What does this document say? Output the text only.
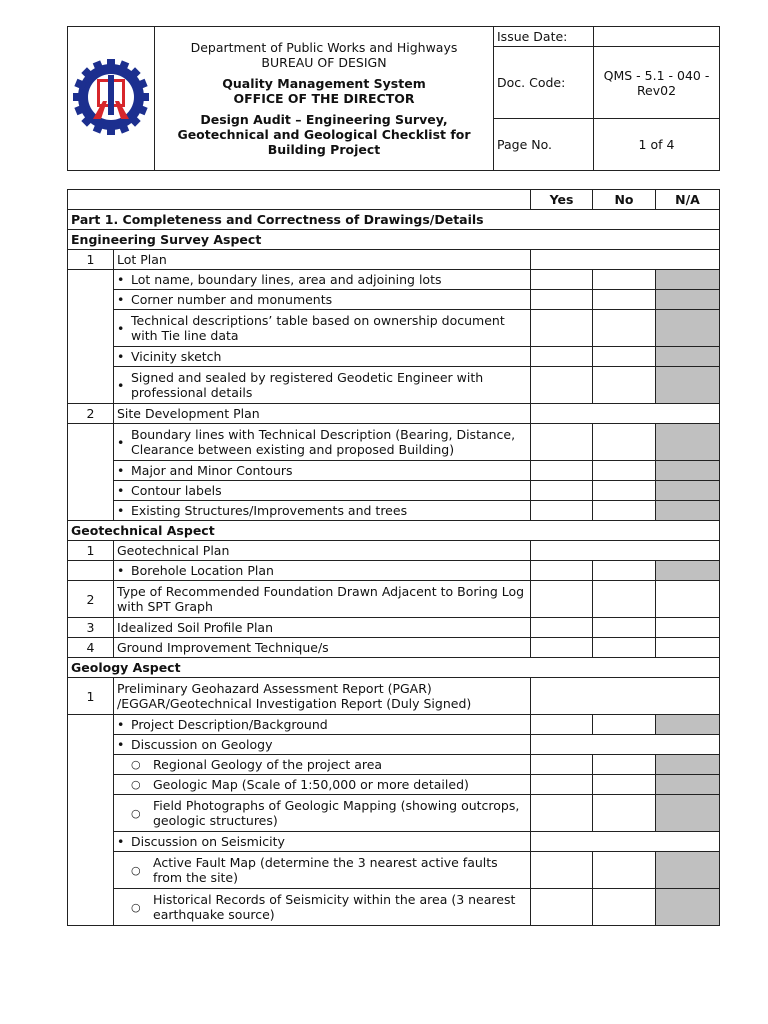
Department of Public Works and Highways
BUREAU OF DESIGN
Quality Management System
OFFICE OF THE DIRECTOR
Design Audit – Engineering Survey, Geotechnical and Geological Checklist for Building Project	Issue Date:	
		Doc. Code:	QMS - 5.1 - 040 - Rev02
		Page No.	1 of 4
		Yes	No	N/A
Part 1. Completeness and Correctness of Drawings/Details				
Engineering Survey Aspect				
1	Lot Plan			

	• Lot name, boundary lines, area and adjoining lots			

	• Corner number and monuments			

	• Technical descriptions’ table based on ownership document with Tie line data			

	• Vicinity sketch			

	• Signed and sealed by registered Geodetic Engineer with professional details			

2	Site Development Plan			

	• Boundary lines with Technical Description (Bearing, Distance, Clearance between existing and proposed Building)			

	• Major and Minor Contours			

	• Contour labels			

	• Existing Structures/Improvements and trees			

Geotechnical Aspect				
1	Geotechnical Plan			

	• Borehole Location Plan			

2	Type of Recommended Foundation Drawn Adjacent to Boring Log with SPT Graph			
3	Idealized Soil Profile Plan			
4	Ground Improvement Technique/s			
Geology Aspect				
1	Preliminary Geohazard Assessment Report (PGAR) /EGGAR/Geotechnical Investigation Report (Duly Signed)			

	• Project Description/Background			

	• Discussion on Geology			

	○ Regional Geology of the project area			

	○ Geologic Map (Scale of 1:50,000 or more detailed)			

	○ Field Photographs of Geologic Mapping (showing outcrops, geologic structures)			

	• Discussion on Seismicity			

	○ Active Fault Map (determine the 3 nearest active faults from the site)			

	○ Historical Records of Seismicity within the area (3 nearest earthquake source)			
